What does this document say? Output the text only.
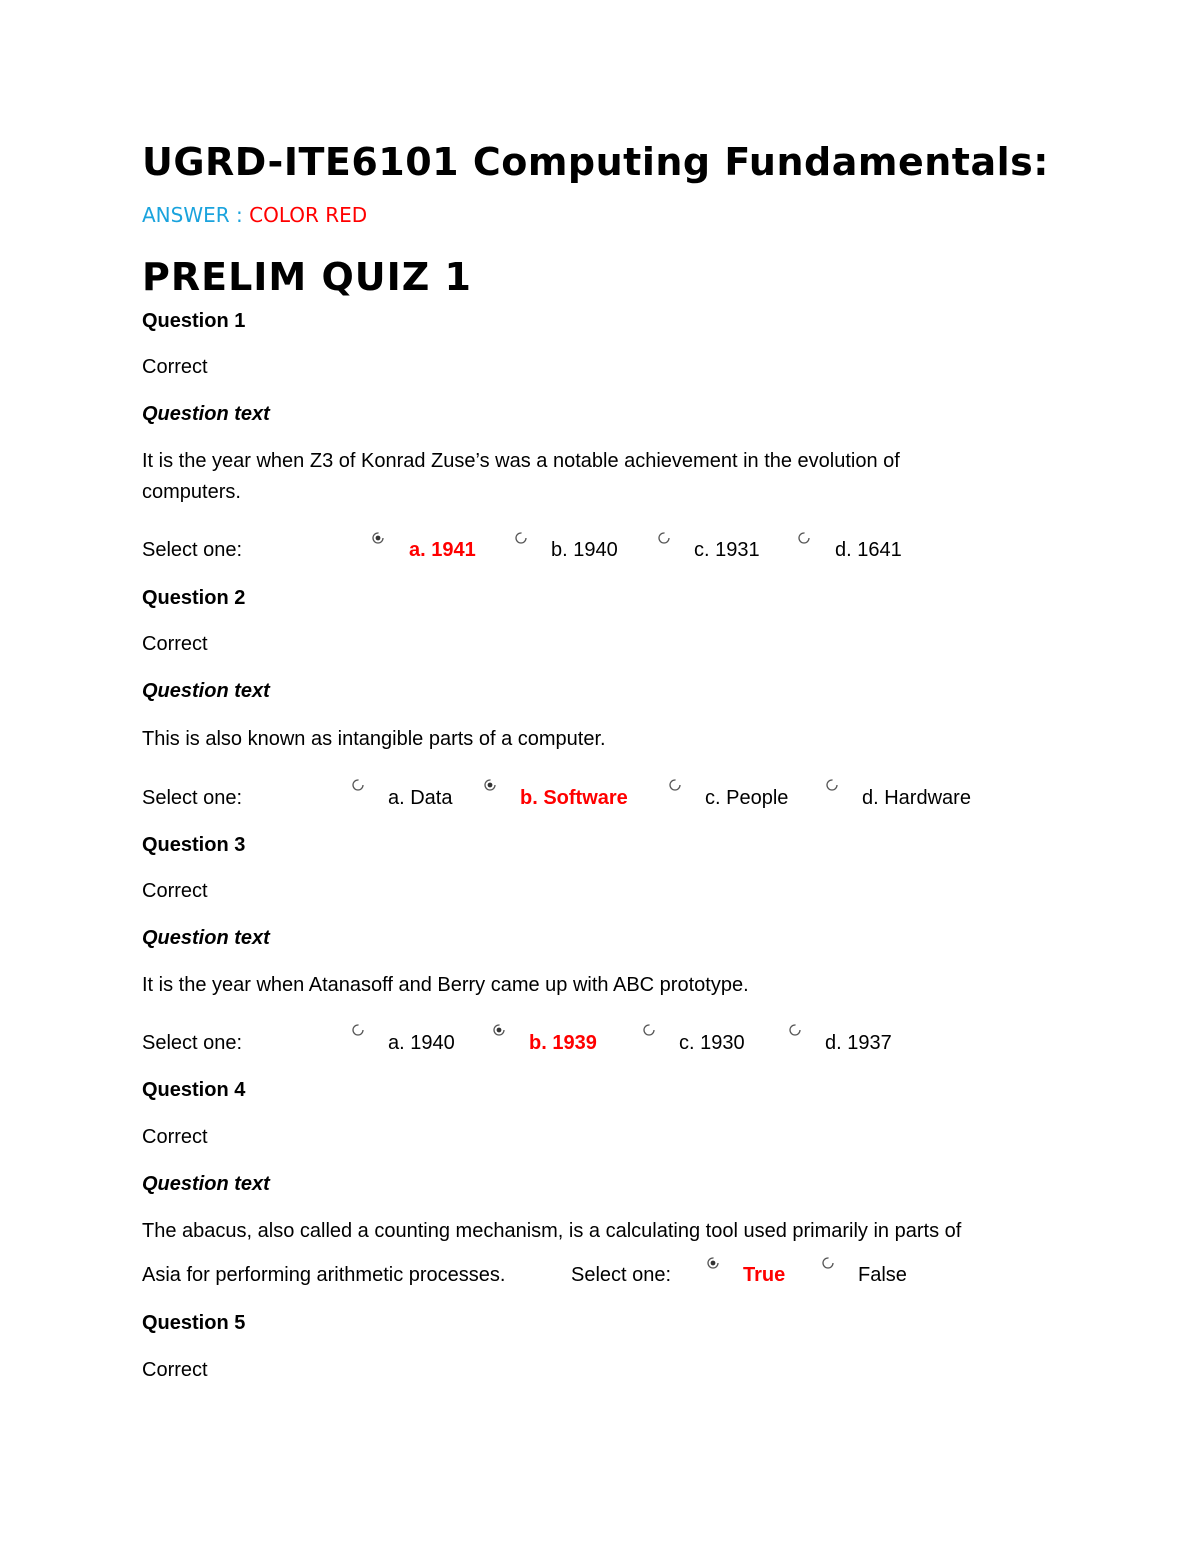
UGRD-ITE6101 Computing Fundamentals:
ANSWER : COLOR RED
PRELIM QUIZ 1
Question 1
Correct
Question text
It is the year when Z3 of Konrad Zuse’s was a notable achievement in the evolution of
computers.
Select one:	a. 1941	b. 1940	c. 1931	d. 1641
Question 2
Correct
Question text
This is also known as intangible parts of a computer.
Select one:	a. Data	b. Software	c. People	d. Hardware
Question 3
Correct
Question text
It is the year when Atanasoff and Berry came up with ABC prototype.
Select one:	a. 1940	b. 1939	c. 1930	d. 1937
Question 4
Correct
Question text
The abacus, also called a counting mechanism, is a calculating tool used primarily in parts of
Asia for performing arithmetic processes.	Select one:	True	False
Question 5
Correct
